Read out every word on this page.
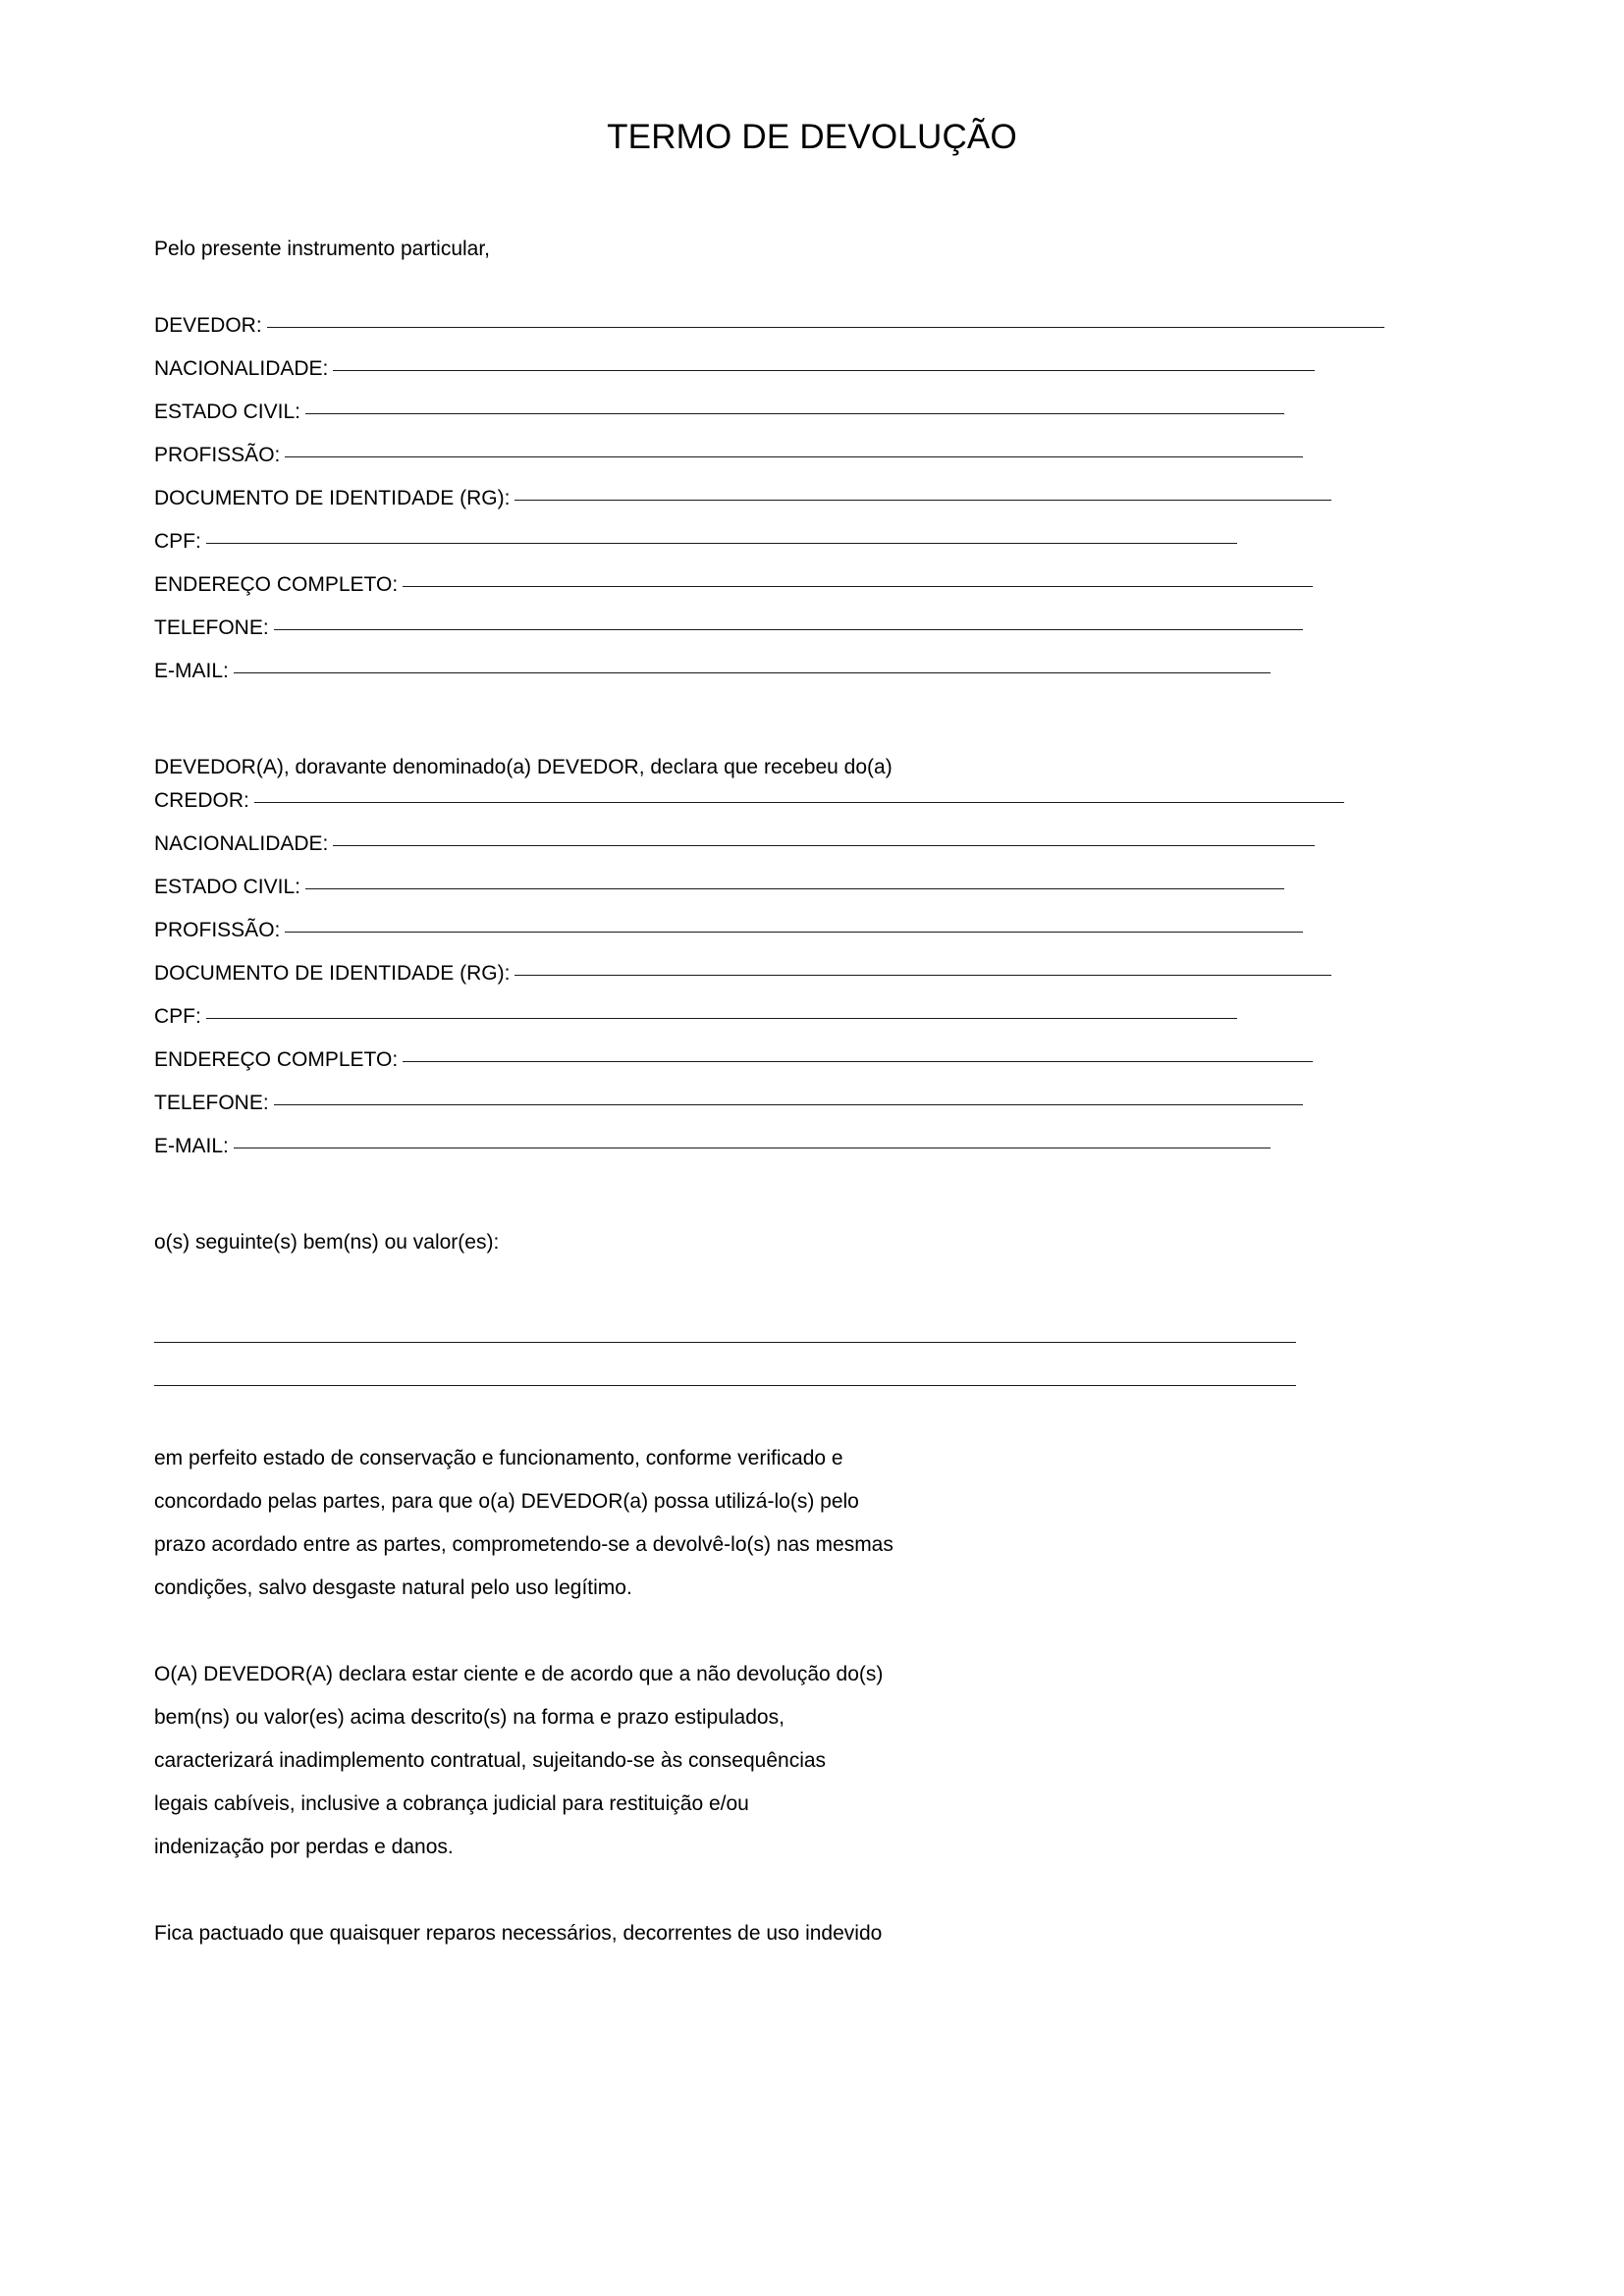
TERMO DE DEVOLUÇÃO
Pelo presente instrumento particular,
DEVEDOR:
NACIONALIDADE:
ESTADO CIVIL:
PROFISSÃO:
DOCUMENTO DE IDENTIDADE (RG):
CPF:
ENDEREÇO COMPLETO:
TELEFONE:
E-MAIL:
DEVEDOR(A), doravante denominado(a) DEVEDOR, declara que recebeu do(a)
CREDOR:
NACIONALIDADE:
ESTADO CIVIL:
PROFISSÃO:
DOCUMENTO DE IDENTIDADE (RG):
CPF:
ENDEREÇO COMPLETO:
TELEFONE:
E-MAIL:
o(s) seguinte(s) bem(ns) ou valor(es):
em perfeito estado de conservação e funcionamento, conforme verificado e
concordado pelas partes, para que o(a) DEVEDOR(a) possa utilizá-lo(s) pelo
prazo acordado entre as partes, comprometendo-se a devolvê-lo(s) nas mesmas
condições, salvo desgaste natural pelo uso legítimo.
O(A) DEVEDOR(A) declara estar ciente e de acordo que a não devolução do(s)
bem(ns) ou valor(es) acima descrito(s) na forma e prazo estipulados,
caracterizará inadimplemento contratual, sujeitando-se às consequências
legais cabíveis, inclusive a cobrança judicial para restituição e/ou
indenização por perdas e danos.
Fica pactuado que quaisquer reparos necessários, decorrentes de uso indevido
